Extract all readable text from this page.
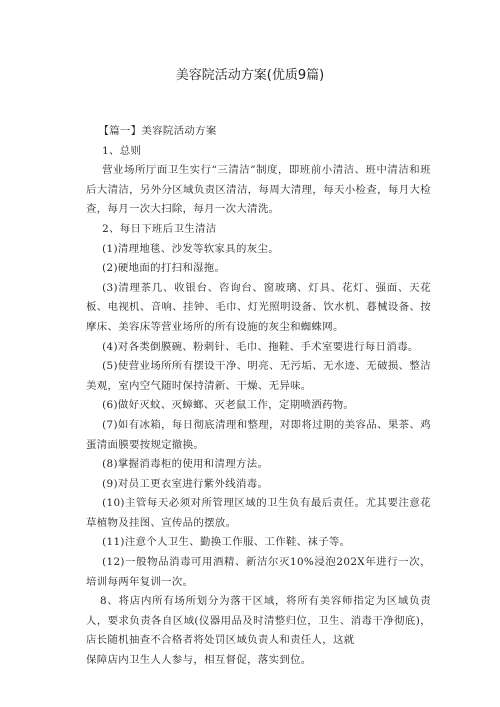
美容院活动方案(优质9篇)

【篇一】美容院活动方案

1、总则

营业场所厅面卫生实行“三清洁”制度，即班前小清洁、班中清洁和班后大清洁，另外分区域负责区清洁，每周大清理，每天小检查，每月大检查，每月一次大扫除，每月一次大清洗。

2、每日下班后卫生清洁

(1)清理地毯、沙发等软家具的灰尘。

(2)硬地面的打扫和湿拖。

(3)清理茶几、收银台、咨询台、窗玻璃、灯具、花灯、强面、天花板、电视机、音响、挂钟、毛巾、灯光照明设备、饮水机、暮械设备、按摩床、美容床等营业场所的所有设施的灰尘和蜘蛛网。

(4)对各类倒膜碗、粉刺针、毛巾、拖鞋、手术室要进行每日消毒。

(5)使营业场所所有摆设干净、明亮、无污垢、无水迹、无破损、整洁美观，室内空气随时保持清新、干燥、无异味。

(6)做好灭蚊、灭蟑螂、灭老鼠工作，定期喷洒药物。

(7)如有冰箱，每日彻底清理和整理，对即将过期的美容品、果茶、鸡蛋清面膜要按规定撤换。

(8)掌握消毒柜的使用和清理方法。

(9)对员工更衣室进行紫外线消毒。

(10)主管每天必须对所管理区域的卫生负有最后责任。尤其要注意花草植物及挂图、宣传品的摆放。

(11)注意个人卫生、勤换工作服、工作鞋、袜子等。

(12)一般物品消毒可用酒精、新洁尔灭10%浸泡202X年进行一次，培训每两年复训一次。

8、将店内所有场所划分为落干区域，将所有美容师指定为区域负责人，要求负责各自区域(仪器用品及时清整归位，卫生、消毒干净彻底)，店长随机抽查不合格者将处罚区域负责人和责任人，这就

保障店内卫生人人参与，相互督促，落实到位。
